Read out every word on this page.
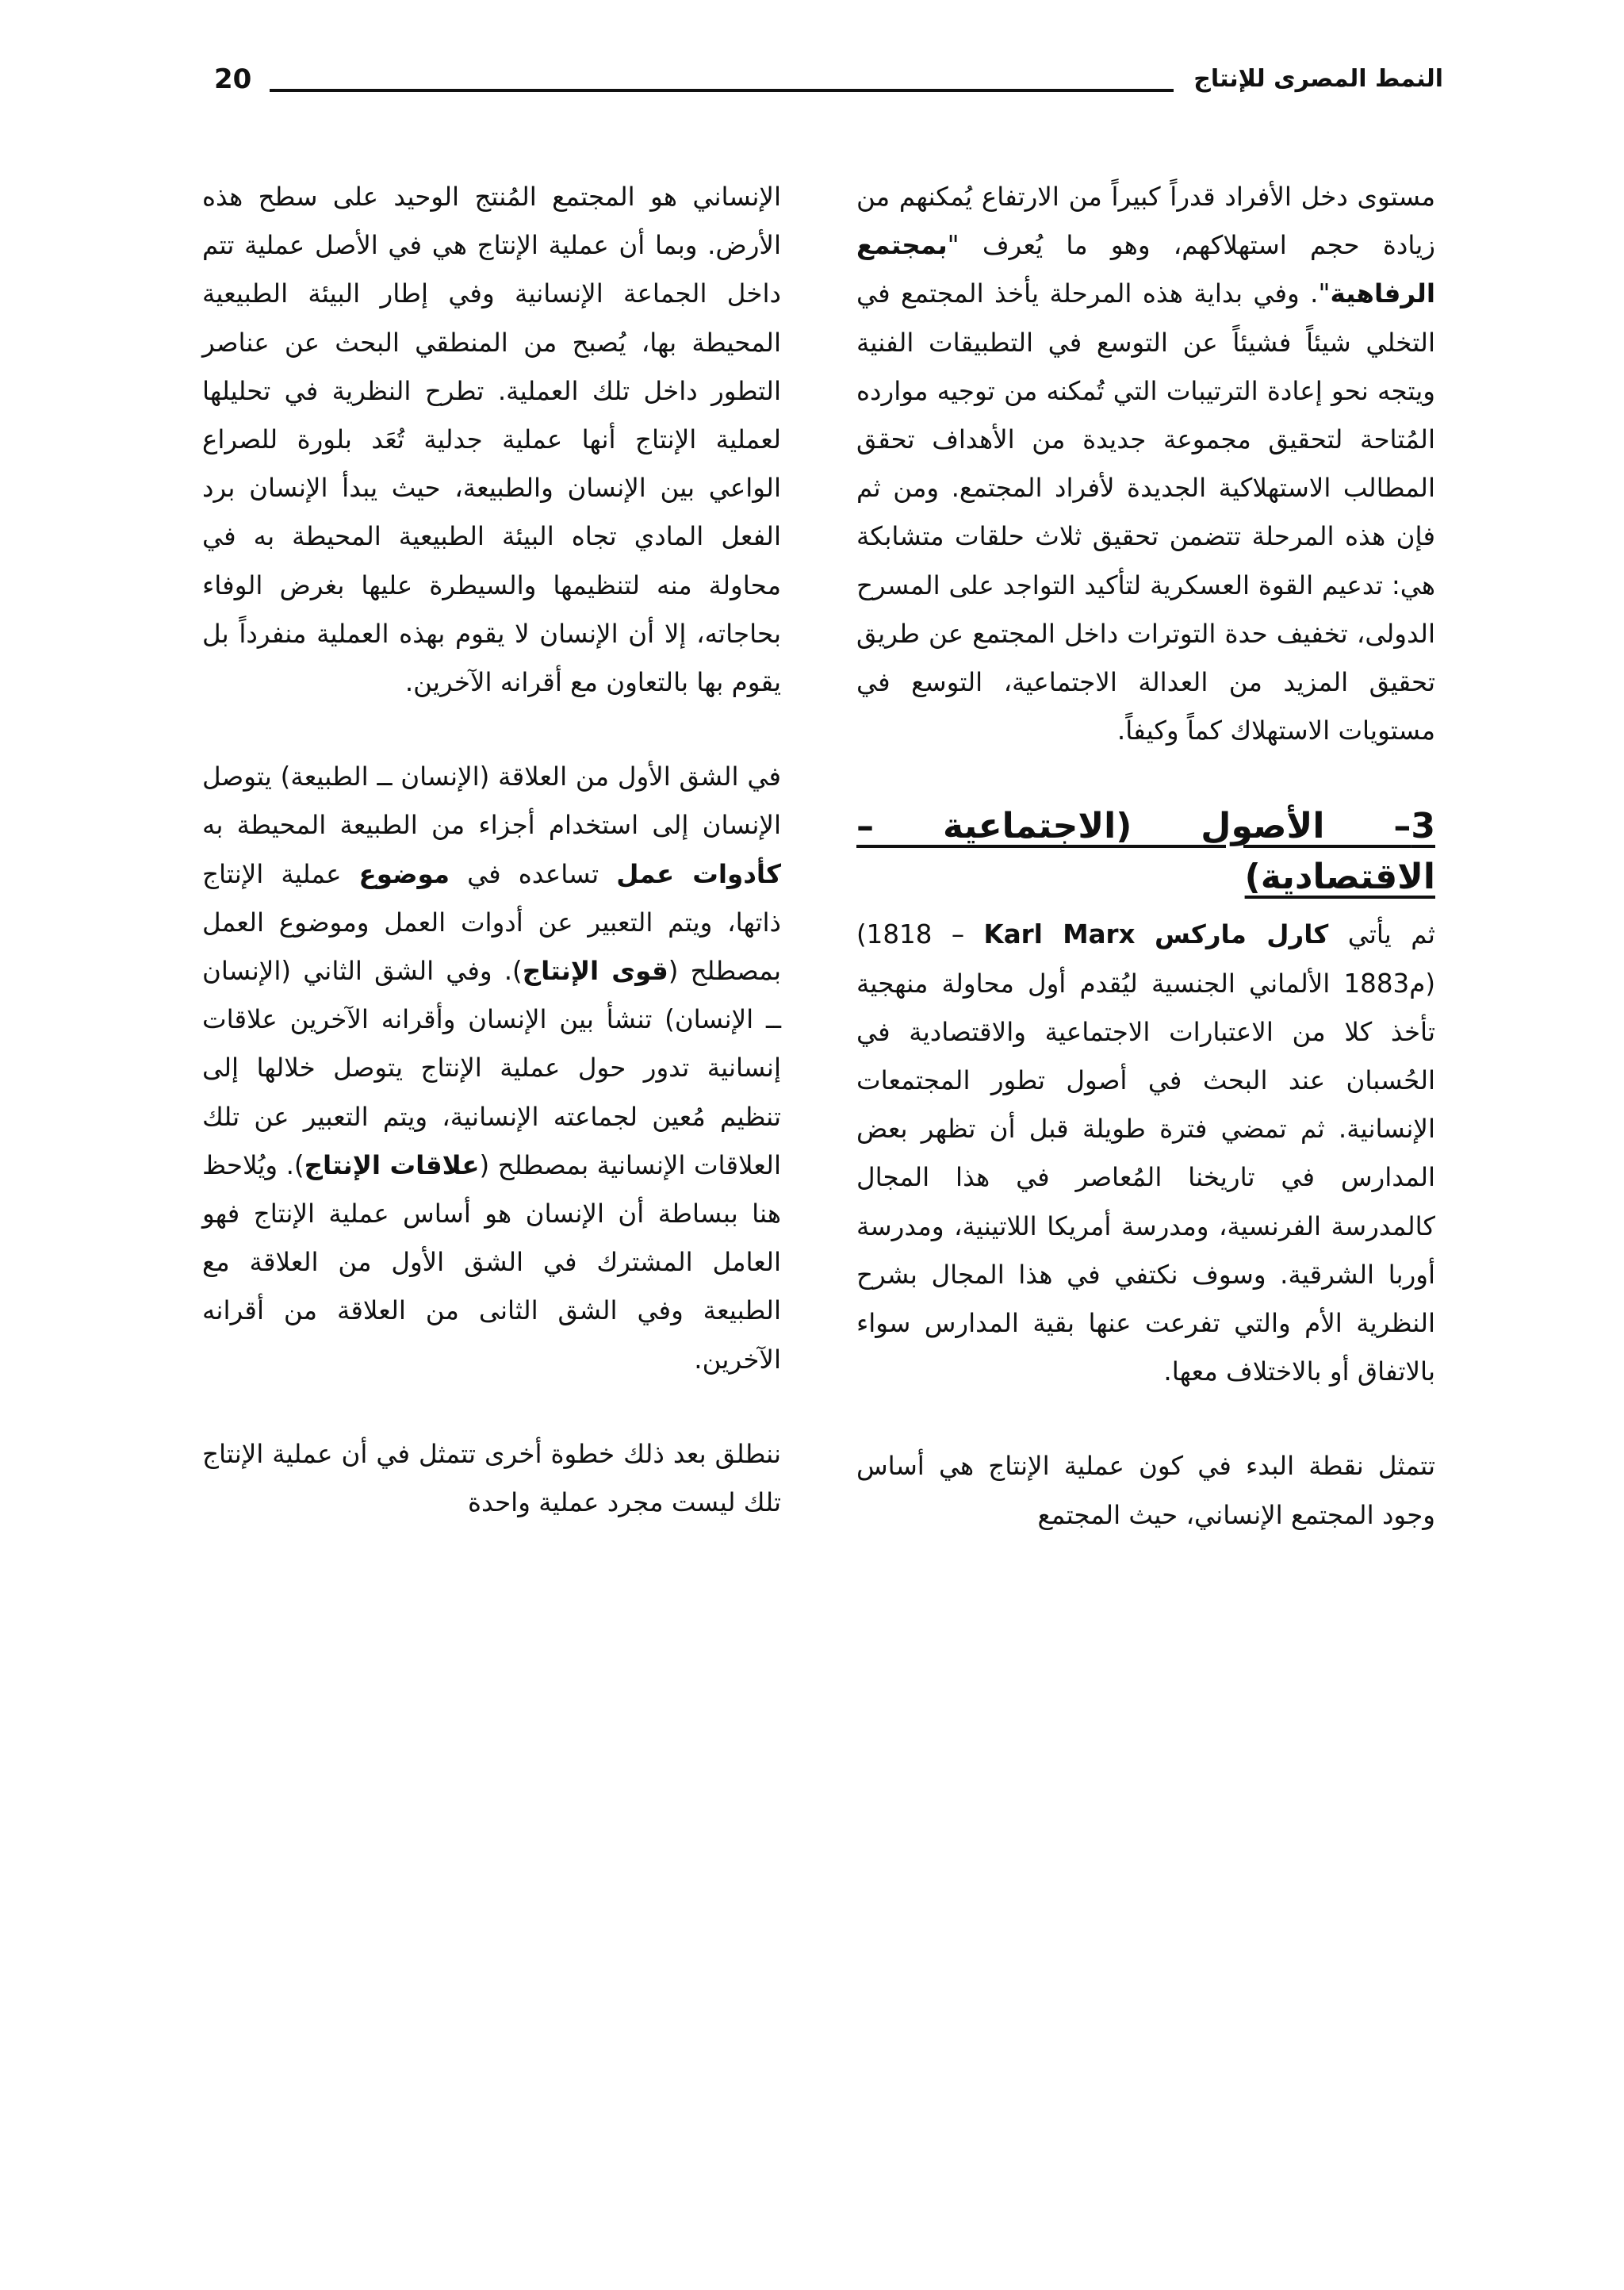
النمط المصرى للإنتاج
20

مستوى دخل الأفراد قدراً كبيراً من الارتفاع يُمكنهم من زيادة حجم استهلاكهم، وهو ما يُعرف "بمجتمع الرفاهية". وفي بداية هذه المرحلة يأخذ المجتمع في التخلي شيئاً فشيئاً عن التوسع في التطبيقات الفنية ويتجه نحو إعادة الترتيبات التي تُمكنه من توجيه موارده المُتاحة لتحقيق مجموعة جديدة من الأهداف تحقق المطالب الاستهلاكية الجديدة لأفراد المجتمع. ومن ثم فإن هذه المرحلة تتضمن تحقيق ثلاث حلقات متشابكة هي: تدعيم القوة العسكرية لتأكيد التواجد على المسرح الدولى، تخفيف حدة التوترات داخل المجتمع عن طريق تحقيق المزيد من العدالة الاجتماعية، التوسع في مستويات الاستهلاك كماً وكيفاً.

3– الأصول (الاجتماعية – الاقتصادية)

ثم يأتي كارل ماركس Karl Marx (1818 – 1883م) الألماني الجنسية ليُقدم أول محاولة منهجية تأخذ كلا من الاعتبارات الاجتماعية والاقتصادية في الحُسبان عند البحث في أصول تطور المجتمعات الإنسانية. ثم تمضي فترة طويلة قبل أن تظهر بعض المدارس في تاريخنا المُعاصر في هذا المجال كالمدرسة الفرنسية، ومدرسة أمريكا اللاتينية، ومدرسة أوربا الشرقية. وسوف نكتفي في هذا المجال بشرح النظرية الأم والتي تفرعت عنها بقية المدارس سواء بالاتفاق أو بالاختلاف معها.

تتمثل نقطة البدء في كون عملية الإنتاج هي أساس وجود المجتمع الإنساني، حيث المجتمع

الإنساني هو المجتمع المُنتج الوحيد على سطح هذه الأرض. وبما أن عملية الإنتاج هي في الأصل عملية تتم داخل الجماعة الإنسانية وفي إطار البيئة الطبيعية المحيطة بها، يُصبح من المنطقي البحث عن عناصر التطور داخل تلك العملية. تطرح النظرية في تحليلها لعملية الإنتاج أنها عملية جدلية تُعَد بلورة للصراع الواعي بين الإنسان والطبيعة، حيث يبدأ الإنسان برد الفعل المادي تجاه البيئة الطبيعية المحيطة به في محاولة منه لتنظيمها والسيطرة عليها بغرض الوفاء بحاجاته، إلا أن الإنسان لا يقوم بهذه العملية منفرداً بل يقوم بها بالتعاون مع أقرانه الآخرين.

في الشق الأول من العلاقة (الإنسان ــ الطبيعة) يتوصل الإنسان إلى استخدام أجزاء من الطبيعة المحيطة به كأدوات عمل تساعده في موضوع عملية الإنتاج ذاتها، ويتم التعبير عن أدوات العمل وموضوع العمل بمصطلح (قوى الإنتاج). وفي الشق الثاني (الإنسان ــ الإنسان) تنشأ بين الإنسان وأقرانه الآخرين علاقات إنسانية تدور حول عملية الإنتاج يتوصل خلالها إلى تنظيم مُعين لجماعته الإنسانية، ويتم التعبير عن تلك العلاقات الإنسانية بمصطلح (علاقات الإنتاج). ويُلاحظ هنا ببساطة أن الإنسان هو أساس عملية الإنتاج فهو العامل المشترك في الشق الأول من العلاقة مع الطبيعة وفي الشق الثانى من العلاقة من أقرانه الآخرين.

ننطلق بعد ذلك خطوة أخرى تتمثل في أن عملية الإنتاج تلك ليست مجرد عملية واحدة
